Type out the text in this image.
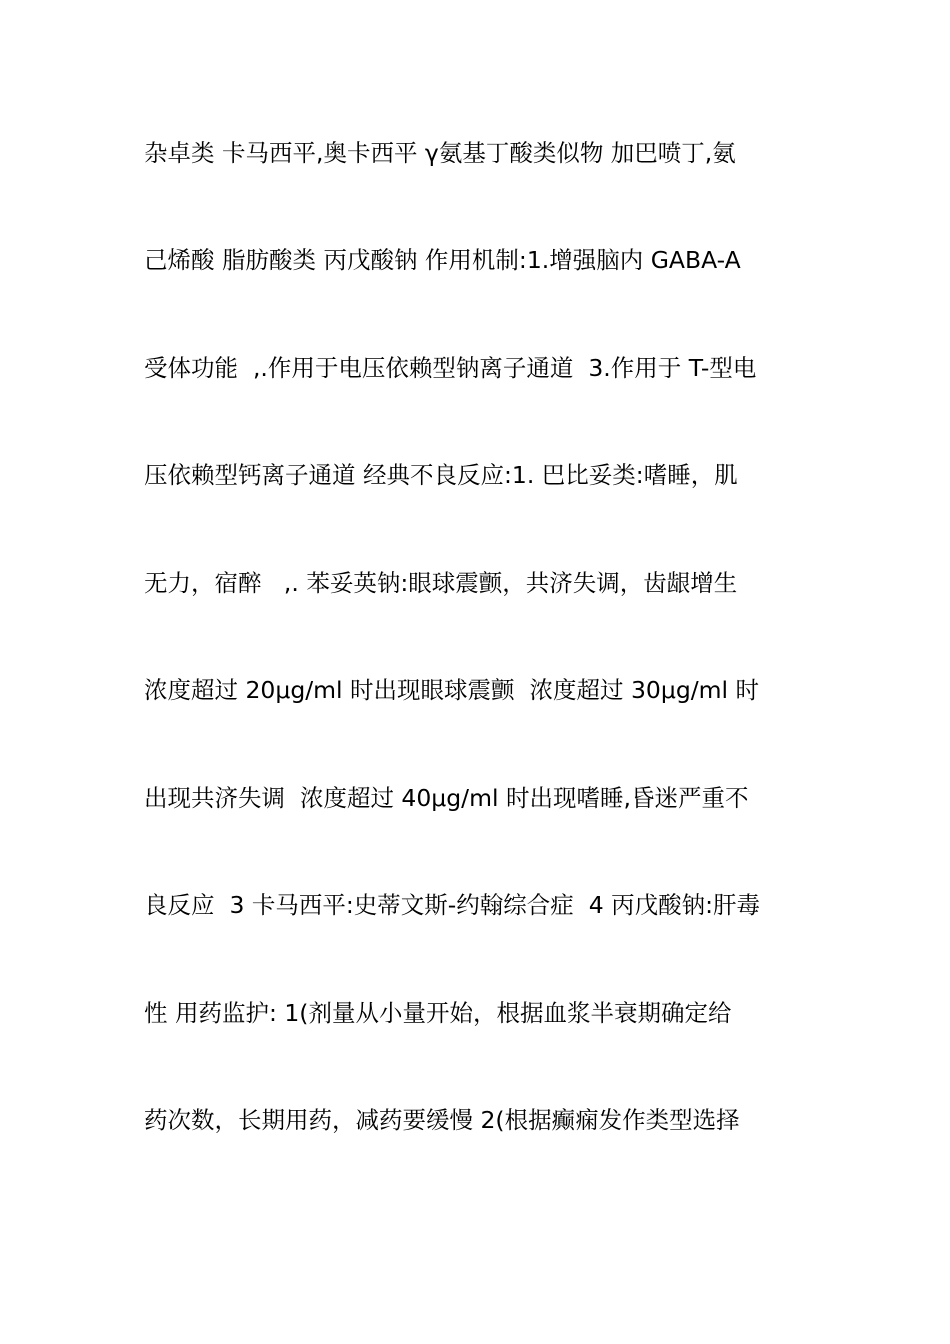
杂卓类 卡马西平,奥卡西平 γ氨基丁酸类似物 加巴喷丁,氨
己烯酸 脂肪酸类 丙戊酸钠 作用机制:1.增强脑内 GABA-A
受体功能  ,.作用于电压依赖型钠离子通道  3.作用于 T-型电
压依赖型钙离子通道 经典不良反应:1. 巴比妥类:嗜睡，肌
无力，宿醉   ,. 苯妥英钠:眼球震颤，共济失调，齿龈增生
浓度超过 20μg/ml 时出现眼球震颤  浓度超过 30μg/ml 时
出现共济失调  浓度超过 40μg/ml 时出现嗜睡,昏迷严重不
良反应  3 卡马西平:史蒂文斯-约翰综合症  4 丙戊酸钠:肝毒
性 用药监护: 1(剂量从小量开始，根据血浆半衰期确定给
药次数，长期用药，减药要缓慢 2(根据癫痫发作类型选择
